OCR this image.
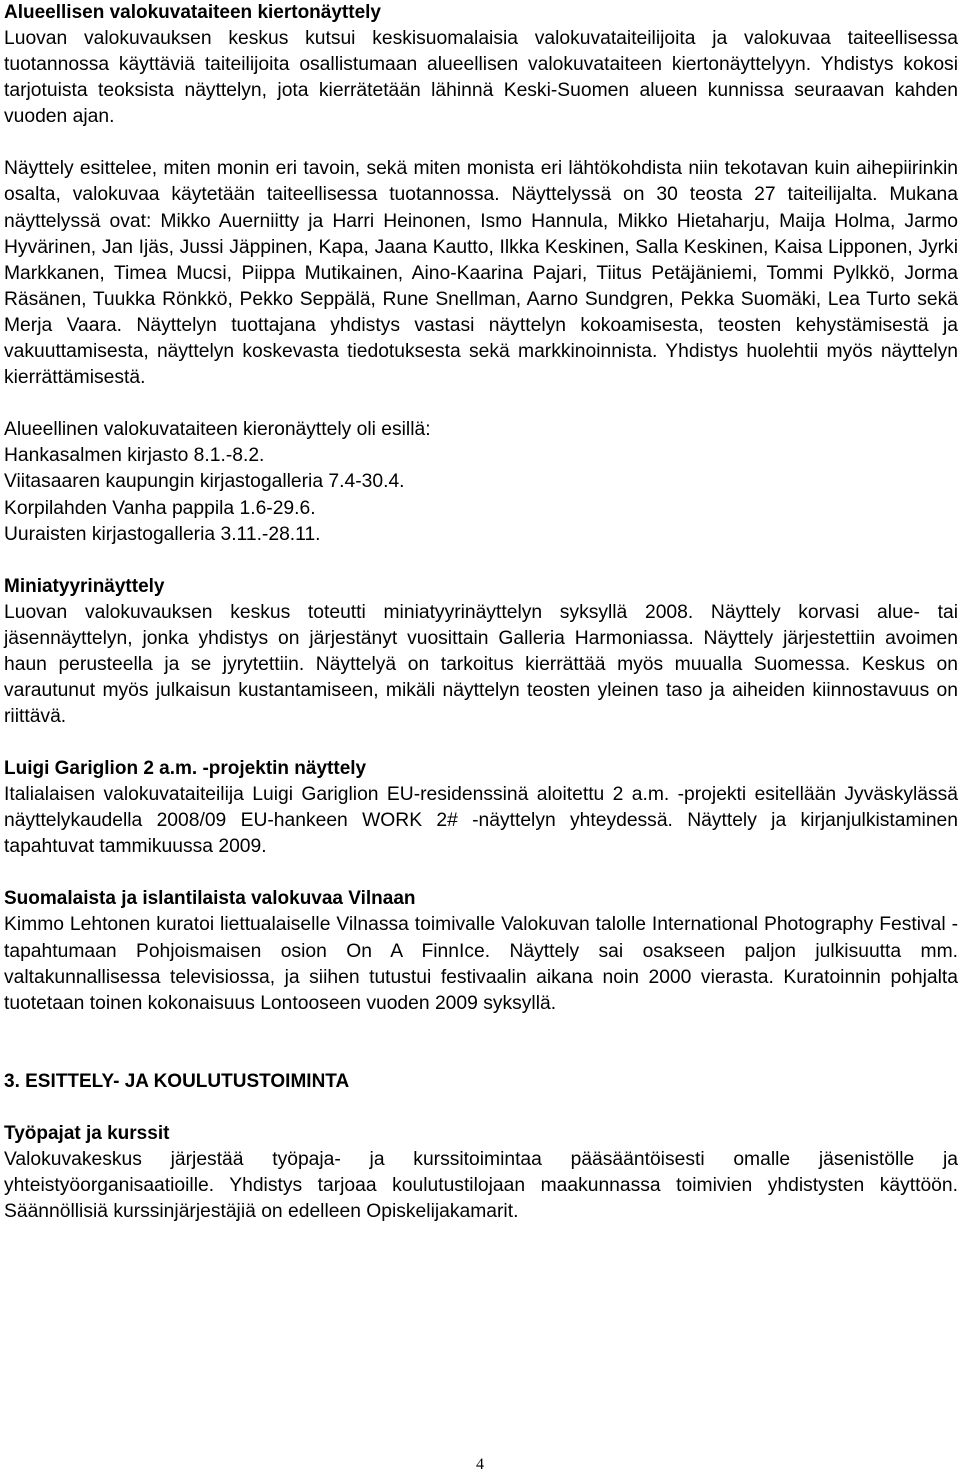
Alueellisen valokuvataiteen kiertonäyttely

Luovan valokuvauksen keskus kutsui keskisuomalaisia valokuvataiteilijoita ja valokuvaa taiteellisessa tuotannossa käyttäviä taiteilijoita osallistumaan alueellisen valokuvataiteen kiertonäyttelyyn. Yhdistys kokosi tarjotuista teoksista näyttelyn, jota kierrätetään lähinnä Keski-Suomen alueen kunnissa seuraavan kahden vuoden ajan.

Näyttely esittelee, miten monin eri tavoin, sekä miten monista eri lähtökohdista niin tekotavan kuin aihepiirinkin osalta, valokuvaa käytetään taiteellisessa tuotannossa. Näyttelyssä on 30 teosta 27 taiteilijalta. Mukana näyttelyssä ovat: Mikko Auerniitty ja Harri Heinonen, Ismo Hannula, Mikko Hietaharju, Maija Holma, Jarmo Hyvärinen, Jan Ijäs, Jussi Jäppinen, Kapa, Jaana Kautto, Ilkka Keskinen, Salla Keskinen, Kaisa Lipponen, Jyrki Markkanen, Timea Mucsi, Piippa Mutikainen, Aino-Kaarina Pajari, Tiitus Petäjäniemi, Tommi Pylkkö, Jorma Räsänen, Tuukka Rönkkö, Pekko Seppälä, Rune Snellman, Aarno Sundgren, Pekka Suomäki, Lea Turto sekä Merja Vaara. Näyttelyn tuottajana yhdistys vastasi näyttelyn kokoamisesta, teosten kehystämisestä ja vakuuttamisesta, näyttelyn koskevasta tiedotuksesta sekä markkinoinnista. Yhdistys huolehtii myös näyttelyn kierrättämisestä.

Alueellinen valokuvataiteen kieronäyttely oli esillä:
Hankasalmen kirjasto 8.1.-8.2.
Viitasaaren kaupungin kirjastogalleria 7.4-30.4.
Korpilahden Vanha pappila 1.6-29.6.
Uuraisten kirjastogalleria 3.11.-28.11.
Miniatyyrinäyttely

Luovan valokuvauksen keskus toteutti miniatyyrinäyttelyn syksyllä 2008. Näyttely korvasi alue- tai jäsennäyttelyn, jonka yhdistys on järjestänyt vuosittain Galleria Harmoniassa. Näyttely järjestettiin avoimen haun perusteella ja se jyrytettiin. Näyttelyä on tarkoitus kierrättää myös muualla Suomessa. Keskus on varautunut myös julkaisun kustantamiseen, mikäli näyttelyn teosten yleinen taso ja aiheiden kiinnostavuus on riittävä.

Luigi Gariglion 2 a.m. -projektin näyttely

Italialaisen valokuvataiteilija Luigi Gariglion EU-residenssinä aloitettu 2 a.m. -projekti esitellään Jyväskylässä näyttelykaudella 2008/09 EU-hankeen WORK 2# -näyttelyn yhteydessä. Näyttely ja kirjanjulkistaminen tapahtuvat tammikuussa 2009.

Suomalaista ja islantilaista valokuvaa Vilnaan

Kimmo Lehtonen kuratoi liettualaiselle Vilnassa toimivalle Valokuvan talolle International Photography Festival -tapahtumaan Pohjoismaisen osion On A FinnIce. Näyttely sai osakseen paljon julkisuutta mm. valtakunnallisessa televisiossa, ja siihen tutustui festivaalin aikana noin 2000 vierasta. Kuratoinnin pohjalta tuotetaan toinen kokonaisuus Lontooseen vuoden 2009 syksyllä.

3. ESITTELY- JA KOULUTUSTOIMINTA
Työpajat ja kurssit

Valokuvakeskus järjestää työpaja- ja kurssitoimintaa pääsääntöisesti omalle jäsenistölle ja yhteistyöorganisaatioille. Yhdistys tarjoaa koulutustilojaan maakunnassa toimivien yhdistysten käyttöön. Säännöllisiä kurssinjärjestäjiä on edelleen Opiskelijakamarit.

4
